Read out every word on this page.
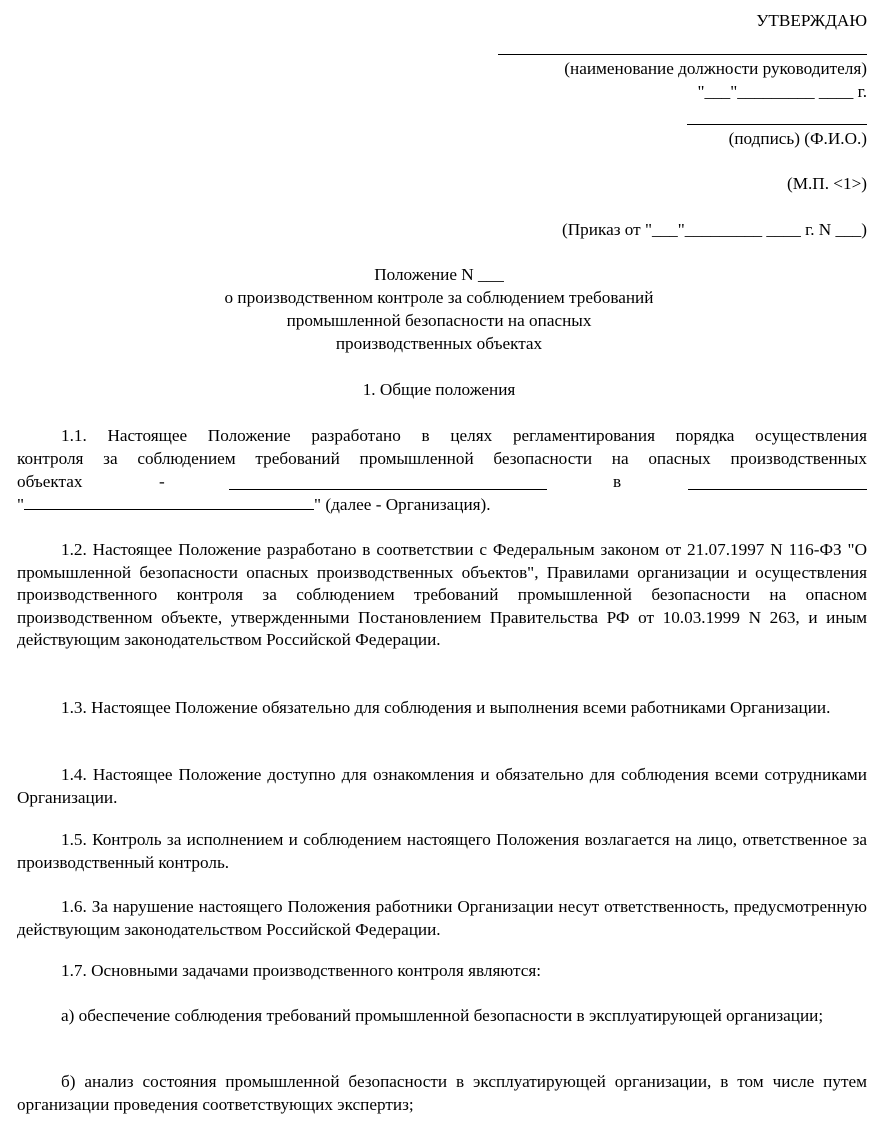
УТВЕРЖДАЮ
(наименование должности руководителя)
"___"_________ ____ г.
(подпись) (Ф.И.О.)
(М.П. <1>)
(Приказ от "___"_________ ____ г. N ___)
Положение N ___
о производственном контроле за соблюдением требований
промышленной безопасности на опасных
производственных объектах
1. Общие положения
1.1. Настоящее Положение разработано в целях регламентирования порядка осуществления
контроля за соблюдением требований промышленной безопасности на опасных производственных
объектах	-	в
"	" (далее - Организация).
1.2. Настоящее Положение разработано в соответствии с Федеральным законом от 21.07.1997 N 116-ФЗ "О промышленной безопасности опасных производственных объектов", Правилами организации и осуществления производственного контроля за соблюдением требований промышленной безопасности на опасном производственном объекте, утвержденными Постановлением Правительства РФ от 10.03.1999 N 263, и иным действующим законодательством Российской Федерации.
1.3. Настоящее Положение обязательно для соблюдения и выполнения всеми работниками Организации.
1.4. Настоящее Положение доступно для ознакомления и обязательно для соблюдения всеми сотрудниками Организации.
1.5. Контроль за исполнением и соблюдением настоящего Положения возлагается на лицо, ответственное за производственный контроль.
1.6. За нарушение настоящего Положения работники Организации несут ответственность, предусмотренную действующим законодательством Российской Федерации.
1.7. Основными задачами производственного контроля являются:
а) обеспечение соблюдения требований промышленной безопасности в эксплуатирующей организации;
б) анализ состояния промышленной безопасности в эксплуатирующей организации, в том числе путем организации проведения соответствующих экспертиз;
